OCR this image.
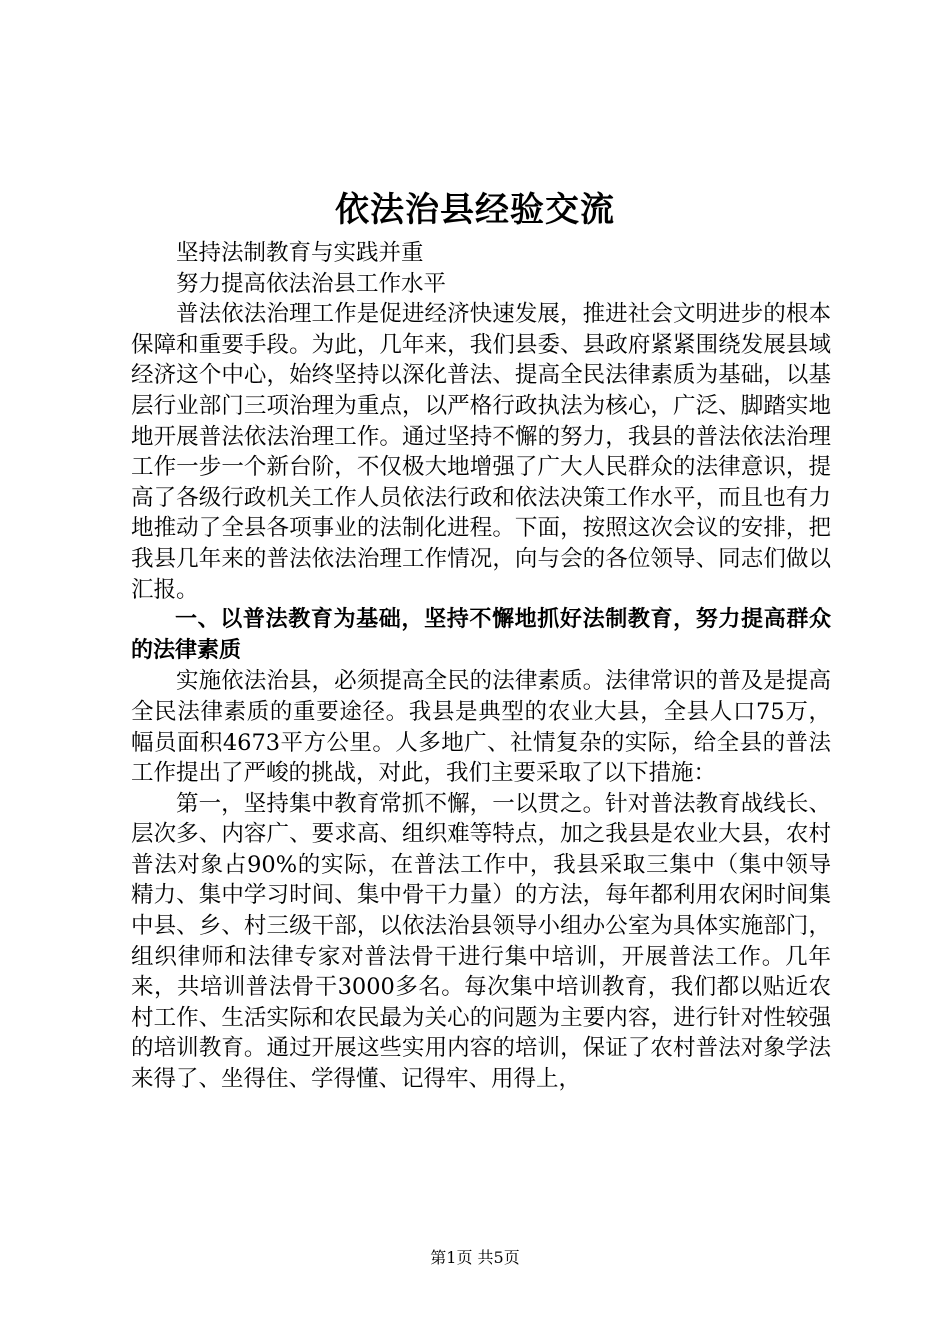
依法治县经验交流

坚持法制教育与实践并重

努力提高依法治县工作水平

普法依法治理工作是促进经济快速发展，推进社会文明进步的根本保障和重要手段。为此，几年来，我们县委、县政府紧紧围绕发展县域经济这个中心，始终坚持以深化普法、提高全民法律素质为基础，以基层行业部门三项治理为重点，以严格行政执法为核心，广泛、脚踏实地地开展普法依法治理工作。通过坚持不懈的努力，我县的普法依法治理工作一步一个新台阶，不仅极大地增强了广大人民群众的法律意识，提高了各级行政机关工作人员依法行政和依法决策工作水平，而且也有力地推动了全县各项事业的法制化进程。下面，按照这次会议的安排，把我县几年来的普法依法治理工作情况，向与会的各位领导、同志们做以汇报。

一、以普法教育为基础，坚持不懈地抓好法制教育，努力提高群众的法律素质

实施依法治县，必须提高全民的法律素质。法律常识的普及是提高全民法律素质的重要途径。我县是典型的农业大县，全县人口75万，幅员面积4673平方公里。人多地广、社情复杂的实际，给全县的普法工作提出了严峻的挑战，对此，我们主要采取了以下措施：

第一，坚持集中教育常抓不懈，一以贯之。针对普法教育战线长、层次多、内容广、要求高、组织难等特点，加之我县是农业大县，农村普法对象占90%的实际，在普法工作中，我县采取三集中（集中领导精力、集中学习时间、集中骨干力量）的方法，每年都利用农闲时间集中县、乡、村三级干部，以依法治县领导小组办公室为具体实施部门，组织律师和法律专家对普法骨干进行集中培训，开展普法工作。几年来，共培训普法骨干3000多名。每次集中培训教育，我们都以贴近农村工作、生活实际和农民最为关心的问题为主要内容，进行针对性较强的培训教育。通过开展这些实用内容的培训，保证了农村普法对象学法来得了、坐得住、学得懂、记得牢、用得上，

第1页 共5页
